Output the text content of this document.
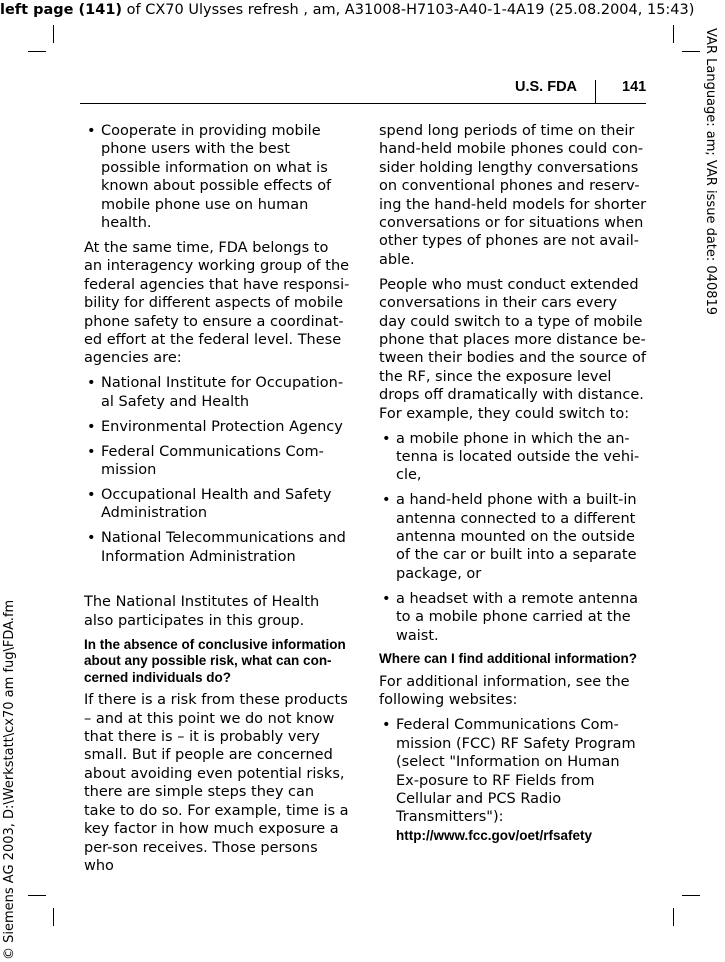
left page (141) of CX70 Ulysses refresh , am, A31008-H7103-A40-1-4A19 (25.08.2004, 15:43)
VAR Language: am; VAR issue date: 040819
© Siemens AG 2003, D:\Werkstatt\cx70 am fug\FDA.fm
U.S. FDA	141
• Cooperate in providing mobile phone users with the best possible information on what is known about possible effects of mobile phone use on human health.

At the same time, FDA belongs to an interagency working group of the federal agencies that have responsi-bility for different aspects of mobile phone safety to ensure a coordinat-ed effort at the federal level. These agencies are:

• National Institute for Occupation-al Safety and Health
• Environmental Protection Agency
• Federal Communications Com-mission
• Occupational Health and Safety Administration
• National Telecommunications and Information Administration

The National Institutes of Health also participates in this group.

In the absence of conclusive information about any possible risk, what can con-cerned individuals do?

If there is a risk from these products – and at this point we do not know that there is – it is probably very small. But if people are concerned about avoiding even potential risks, there are simple steps they can take to do so. For example, time is a key factor in how much exposure a per-son receives. Those persons who

spend long periods of time on their hand-held mobile phones could con-sider holding lengthy conversations on conventional phones and reserv-ing the hand-held models for shorter conversations or for situations when other types of phones are not avail-able.

People who must conduct extended conversations in their cars every day could switch to a type of mobile phone that places more distance be-tween their bodies and the source of the RF, since the exposure level drops off dramatically with distance. For example, they could switch to:

• a mobile phone in which the an-tenna is located outside the vehi-cle,
• a hand-held phone with a built-in antenna connected to a different antenna mounted on the outside of the car or built into a separate package, or
• a headset with a remote antenna to a mobile phone carried at the waist.
Where can I find additional information?

For additional information, see the following websites:

• Federal Communications Com-mission (FCC) RF Safety Program (select "Information on Human Ex-posure to RF Fields from Cellular and PCS Radio Transmitters"):
http://www.fcc.gov/oet/rfsafety
